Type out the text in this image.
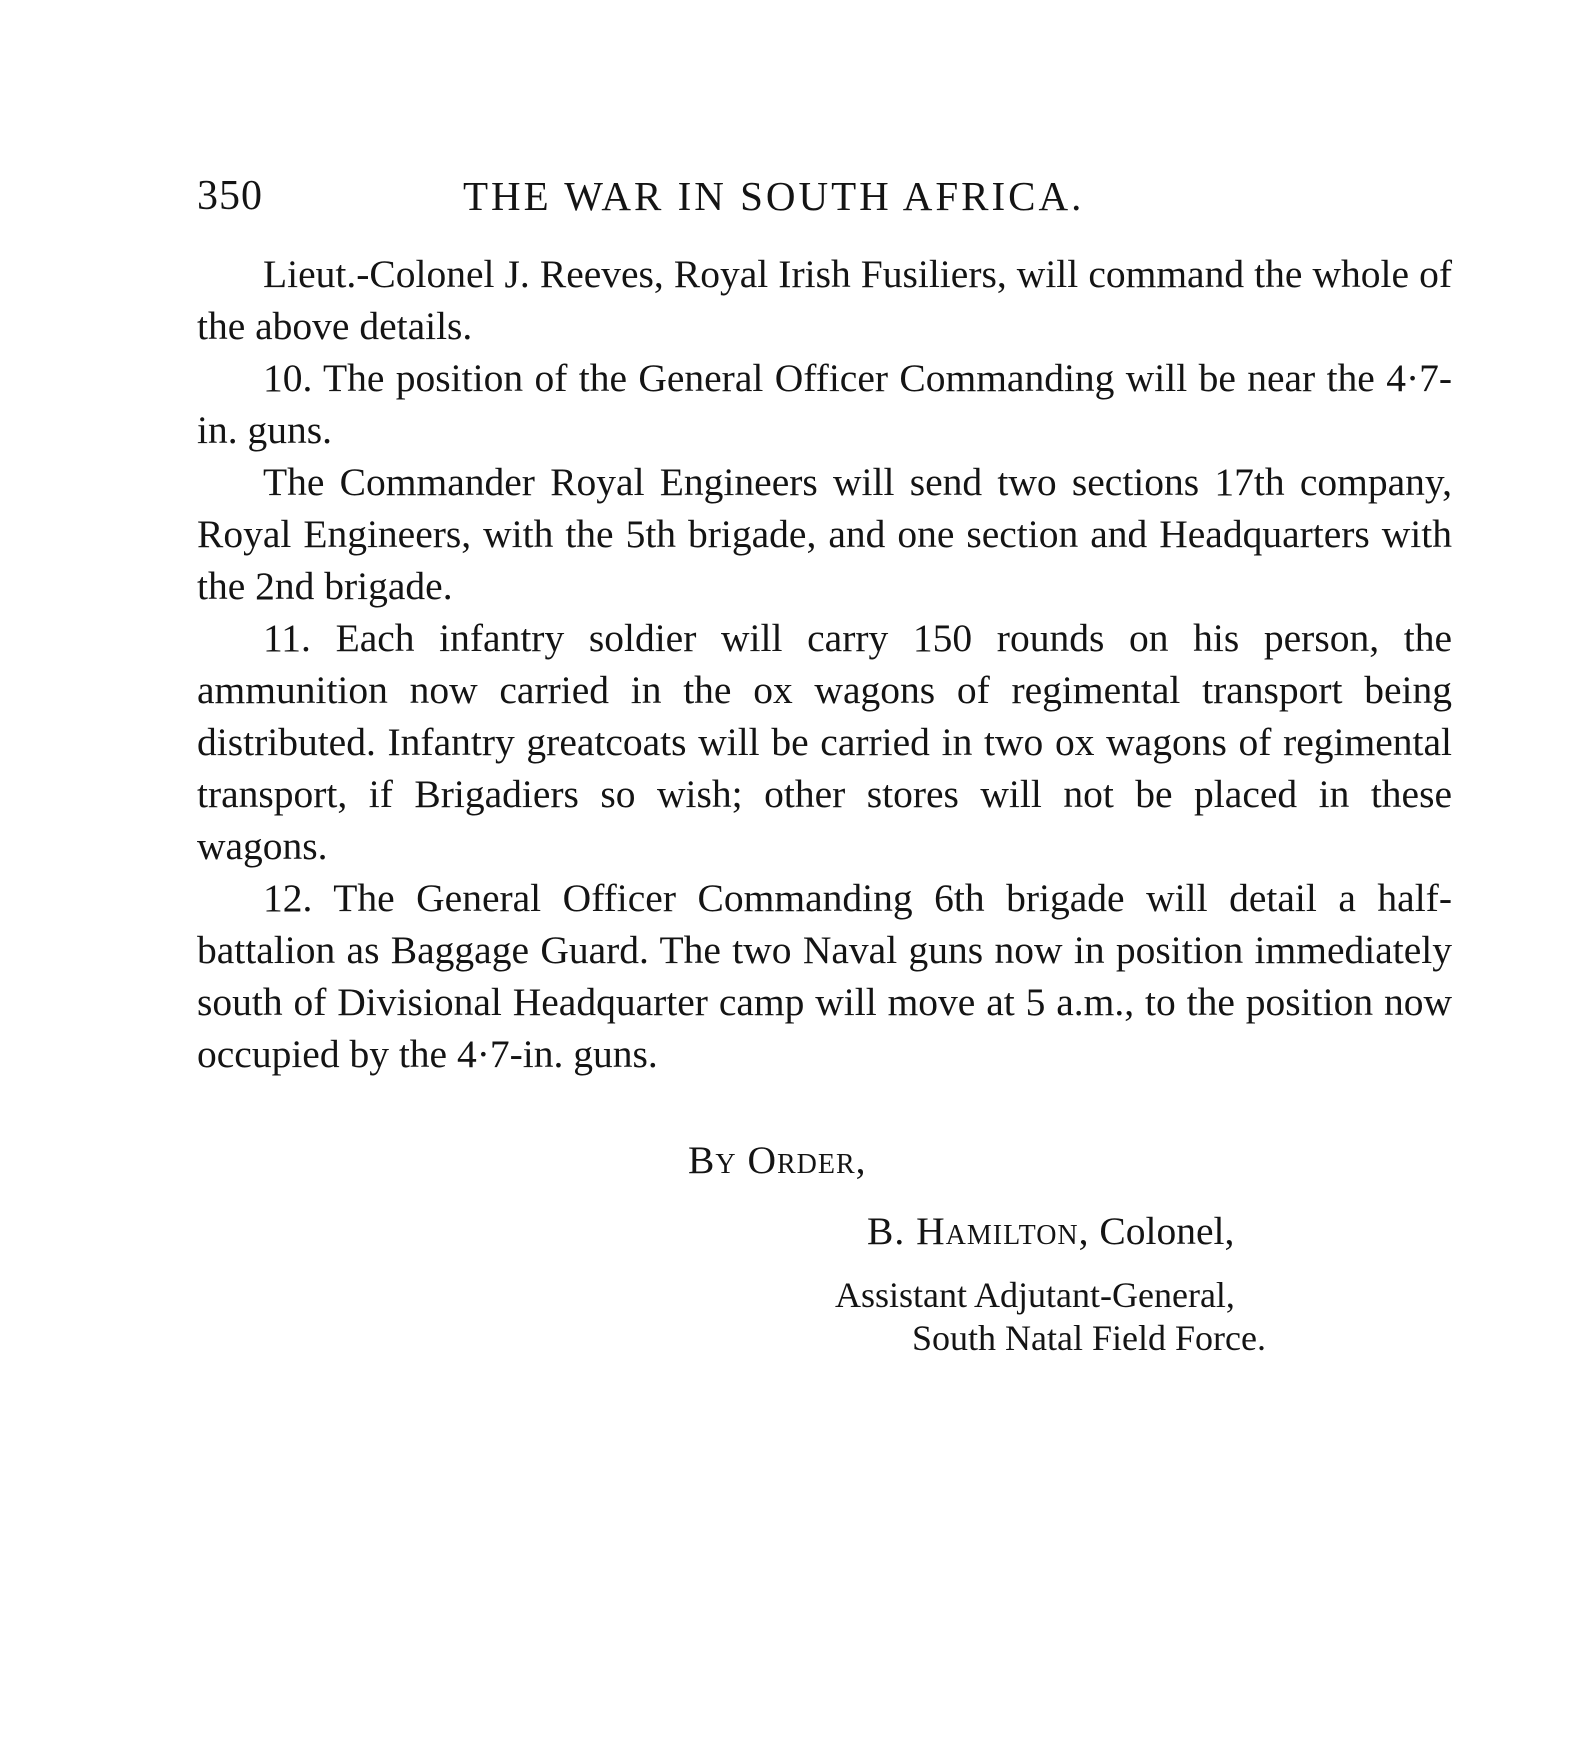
350	THE WAR IN SOUTH AFRICA.

Lieut.-Colonel J. Reeves, Royal Irish Fusiliers, will command the whole of the above details.

10. The position of the General Officer Commanding will be near the 4·7-in. guns.

The Commander Royal Engineers will send two sections 17th company, Royal Engineers, with the 5th brigade, and one section and Headquarters with the 2nd brigade.

11. Each infantry soldier will carry 150 rounds on his person, the ammunition now carried in the ox wagons of regimental transport being distributed. Infantry greatcoats will be carried in two ox wagons of regimental transport, if Brigadiers so wish; other stores will not be placed in these wagons.

12. The General Officer Commanding 6th brigade will detail a half-battalion as Baggage Guard. The two Naval guns now in position immediately south of Divisional Headquarter camp will move at 5 a.m., to the position now occupied by the 4·7-in. guns.

By Order,
B. Hamilton, Colonel,
Assistant Adjutant-General,
South Natal Field Force.
